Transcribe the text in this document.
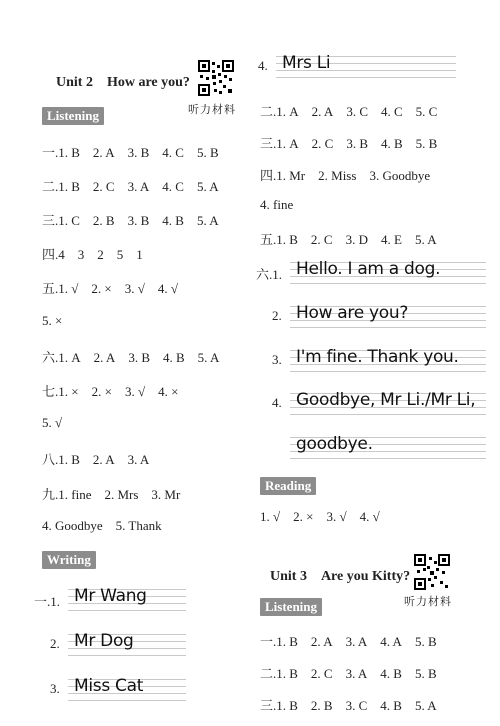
Unit 2　How are you?
听力材料
Listening
一.1. B 2. A 3. B 4. C 5. B
二.1. B 2. C 3. A 4. C 5. A
三.1. C 2. B 3. B 4. B 5. A
四.4 3 2 5 1
五.1. √ 2. × 3. √ 4. √
5. ×
六.1. A 2. A 3. B 4. B 5. A
七.1. × 2. × 3. √ 4. ×
5. √
八.1. B 2. A 3. A
九.1. fine 2. Mrs 3. Mr
4. Goodbye 5. Thank
Writing
一.1. Mr Wang
2. Mr Dog
3. Miss Cat
4. Mrs Li
二.1. A 2. A 3. C 4. C 5. C
三.1. A 2. C 3. B 4. B 5. B
四.1. Mr 2. Miss 3. Goodbye
4. fine
五.1. B 2. C 3. D 4. E 5. A
六.1. Hello. I am a dog.
2. How are you?
3. I'm fine. Thank you.
4. Goodbye, Mr Li./Mr Li,
goodbye.
Reading
1. √ 2. × 3. √ 4. √
Unit 3　Are you Kitty?
听力材料
Listening
一.1. B 2. A 3. A 4. A 5. B
二.1. B 2. C 3. A 4. B 5. B
三.1. B 2. B 3. C 4. B 5. A
